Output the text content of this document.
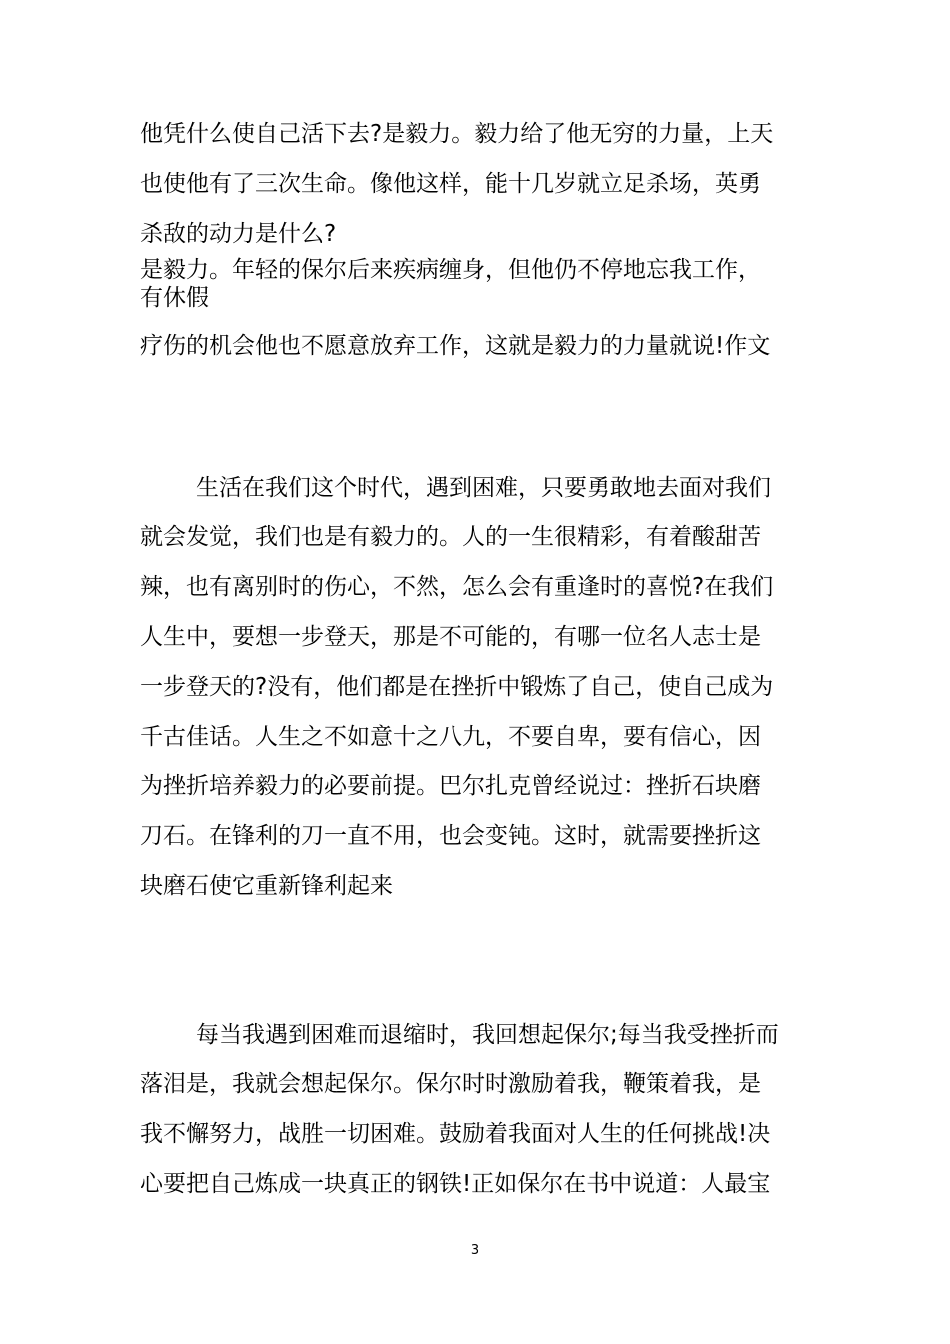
他凭什么使自己活下去?是毅力。毅力给了他无穷的力量，上天

也使他有了三次生命。像他这样，能十几岁就立足杀场，英勇

杀敌的动力是什么?

是毅力。年轻的保尔后来疾病缠身，但他仍不停地忘我工作，

有休假

疗伤的机会他也不愿意放弃工作，这就是毅力的力量就说!作文

生活在我们这个时代，遇到困难，只要勇敢地去面对我们

就会发觉，我们也是有毅力的。人的一生很精彩，有着酸甜苦

辣，也有离别时的伤心，不然，怎么会有重逢时的喜悦?在我们

人生中，要想一步登天，那是不可能的，有哪一位名人志士是

一步登天的?没有，他们都是在挫折中锻炼了自己，使自己成为

千古佳话。人生之不如意十之八九，不要自卑，要有信心，因

为挫折培养毅力的必要前提。巴尔扎克曾经说过：挫折石块磨

刀石。在锋利的刀一直不用，也会变钝。这时，就需要挫折这

块磨石使它重新锋利起来

每当我遇到困难而退缩时，我回想起保尔;每当我受挫折而

落泪是，我就会想起保尔。保尔时时激励着我，鞭策着我，是

我不懈努力，战胜一切困难。鼓励着我面对人生的任何挑战!决

心要把自己炼成一块真正的钢铁!正如保尔在书中说道：人最宝

3
